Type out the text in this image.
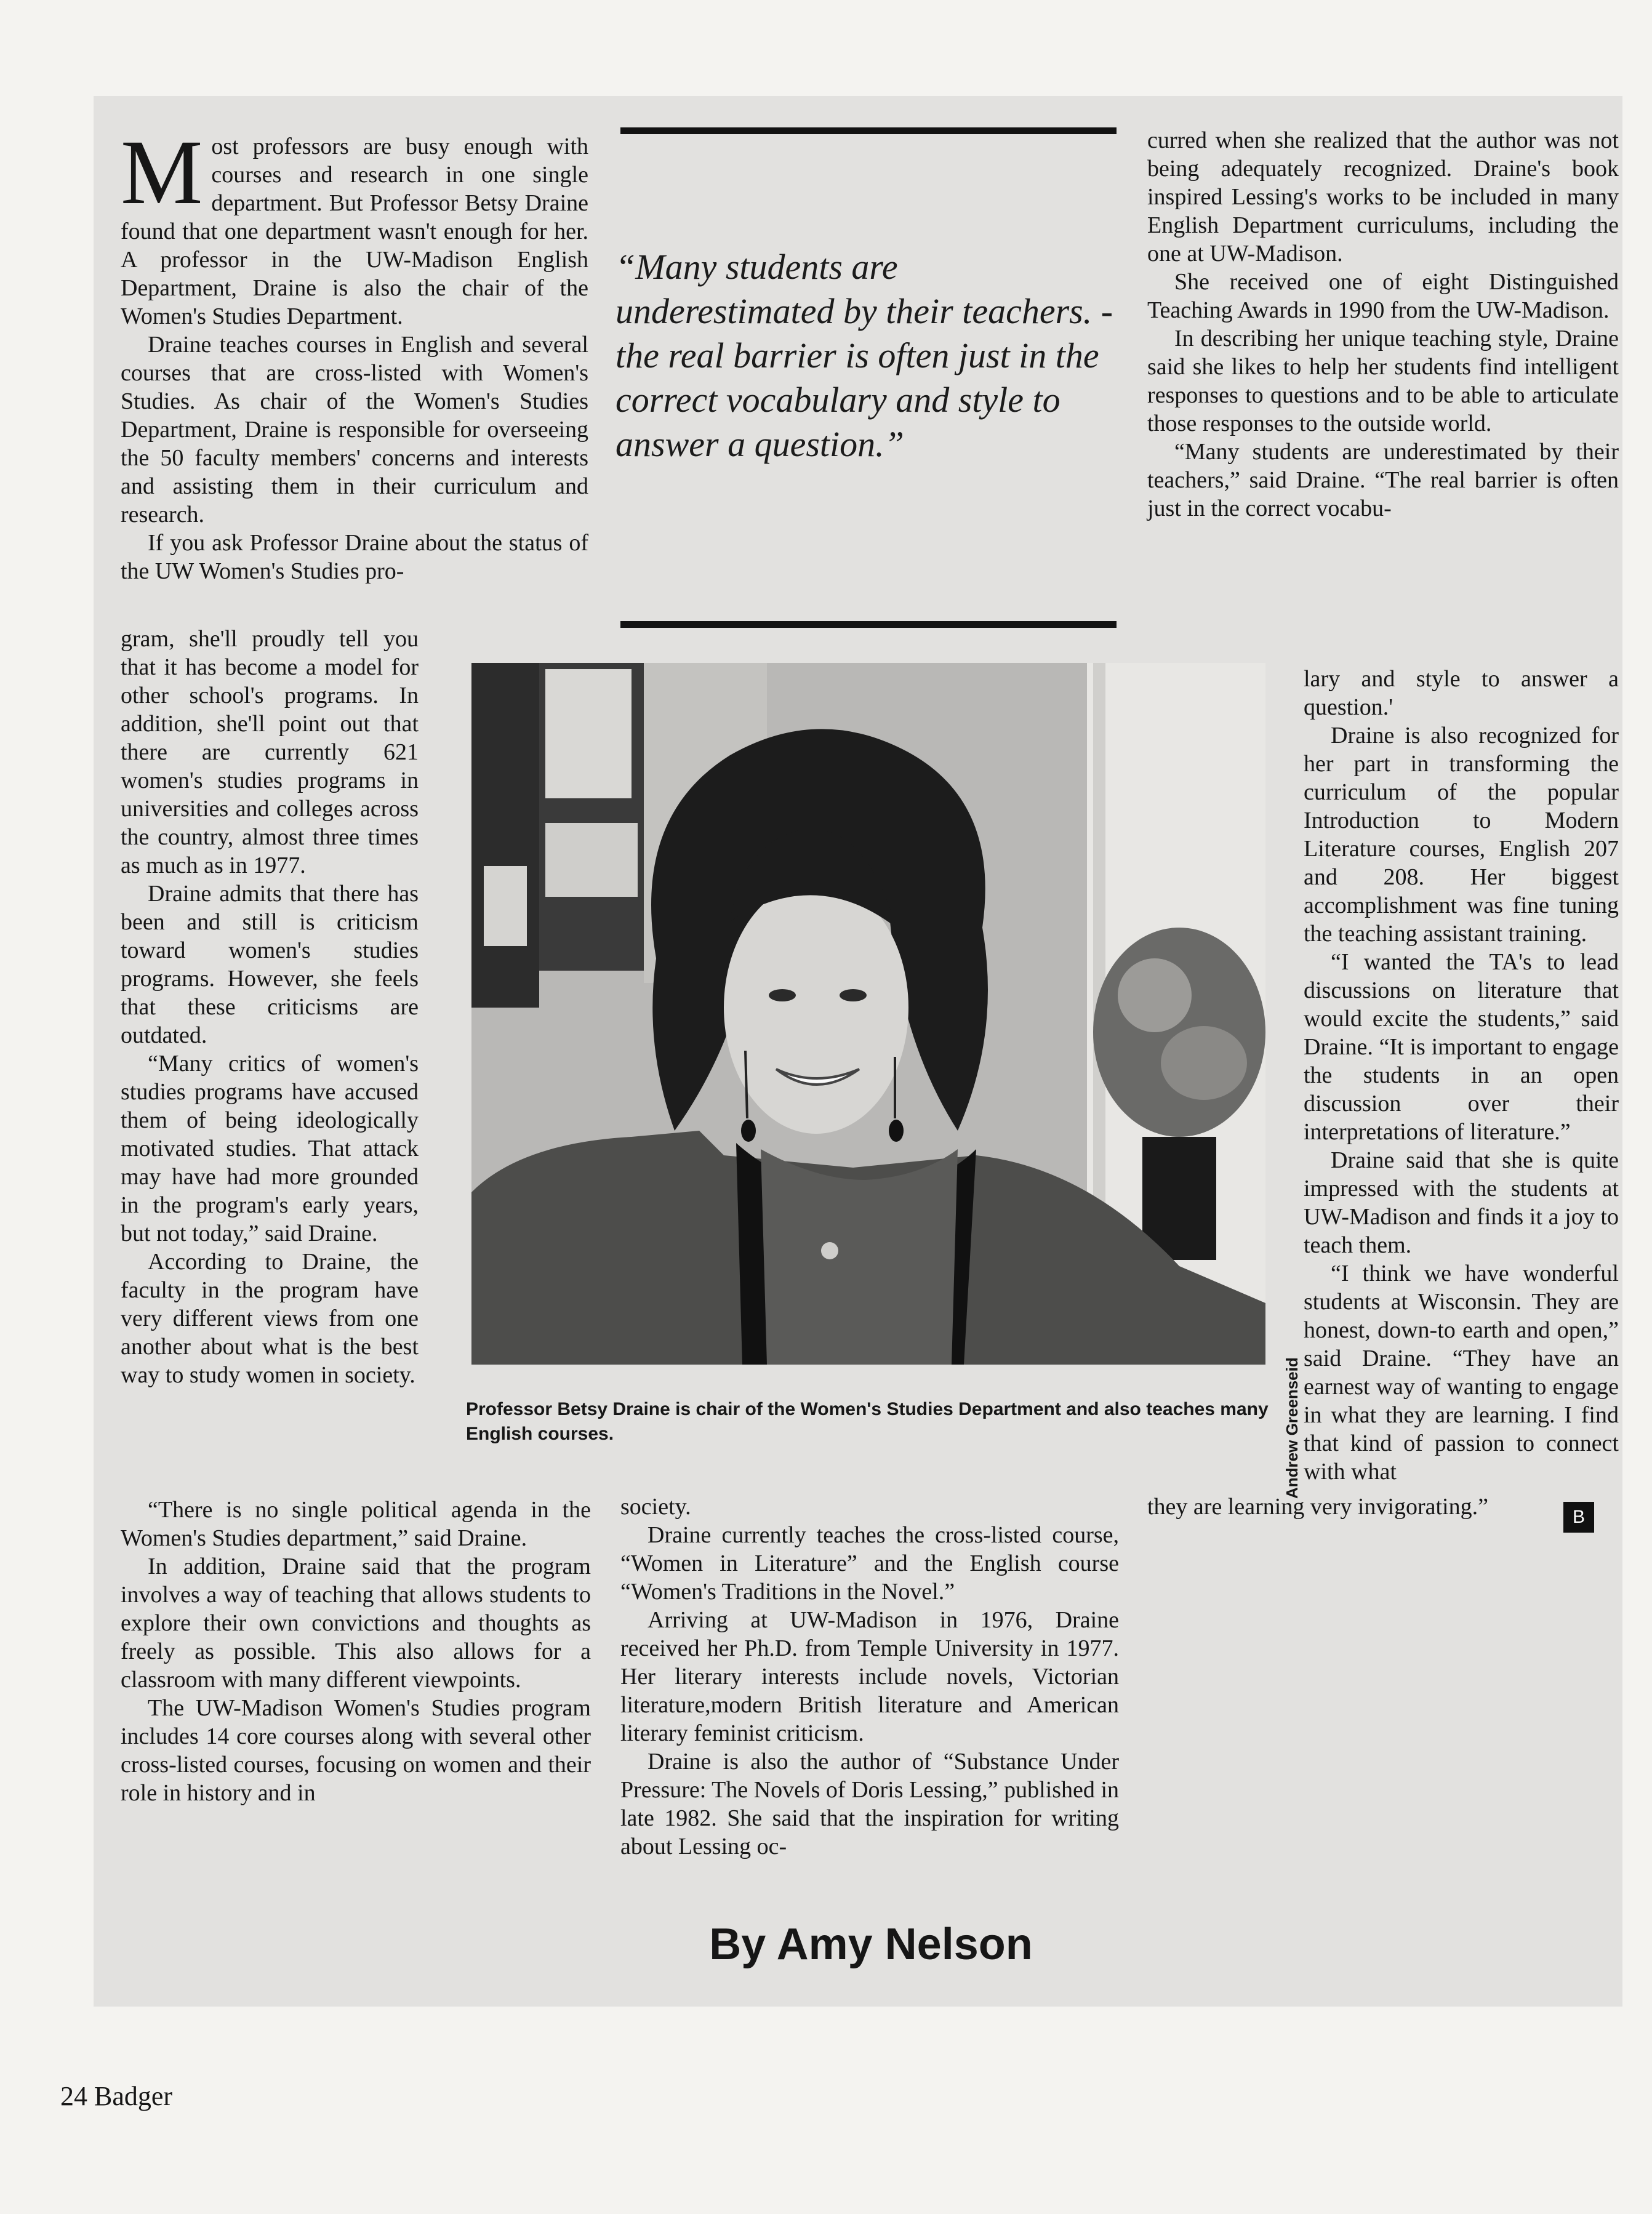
Most professors are busy enough with courses and research in one single department. But Professor Betsy Draine found that one department wasn't enough for her. A professor in the UW-Madison English Department, Draine is also the chair of the Women's Studies Department.

Draine teaches courses in English and several courses that are cross-listed with Women's Studies. As chair of the Women's Studies Department, Draine is responsible for overseeing the 50 faculty members' concerns and interests and assisting them in their curriculum and research.

If you ask Professor Draine about the status of the UW Women's Studies pro-

gram, she'll proudly tell you that it has become a model for other school's programs. In addition, she'll point out that there are currently 621 women's studies programs in universities and colleges across the country, almost three times as much as in 1977.

Draine admits that there has been and still is criticism toward women's studies programs. However, she feels that these criticisms are outdated.

“Many critics of women's studies programs have accused them of being ideologically motivated studies. That attack may have had more grounded in the program's early years, but not today,” said Draine.

According to Draine, the faculty in the program have very different views from one another about what is the best way to study women in society.

“There is no single political agenda in the Women's Studies department,” said Draine.

In addition, Draine said that the program involves a way of teaching that allows students to explore their own convictions and thoughts as freely as possible. This also allows for a classroom with many different viewpoints.

The UW-Madison Women's Studies program includes 14 core courses along with several other cross-listed courses, focusing on women and their role in history and in

“Many students are underestimated by their teachers. -the real barrier is often just in the correct vocabulary and style to answer a question.”
Andrew Greenseid
Professor Betsy Draine is chair of the Women's Studies Department and also teaches many English courses.

society.

Draine currently teaches the cross-listed course, “Women in Literature” and the English course “Women's Traditions in the Novel.”

Arriving at UW-Madison in 1976, Draine received her Ph.D. from Temple University in 1977. Her literary interests include novels, Victorian literature,modern British literature and American literary feminist criticism.

Draine is also the author of “Substance Under Pressure: The Novels of Doris Lessing,” published in late 1982. She said that the inspiration for writing about Lessing oc-

curred when she realized that the author was not being adequately recognized. Draine's book inspired Lessing's works to be included in many English Department curriculums, including the one at UW-Madison.

She received one of eight Distinguished Teaching Awards in 1990 from the UW-Madison.

In describing her unique teaching style, Draine said she likes to help her students find intelligent responses to questions and to be able to articulate those responses to the outside world.

“Many students are underestimated by their teachers,” said Draine. “The real barrier is often just in the correct vocabu-

lary and style to answer a question.'

Draine is also recognized for her part in transforming the curriculum of the popular Introduction to Modern Literature courses, English 207 and 208. Her biggest accomplishment was fine tuning the teaching assistant training.

“I wanted the TA's to lead discussions on literature that would excite the students,” said Draine. “It is important to engage the students in an open discussion over their interpretations of literature.”

Draine said that she is quite impressed with the students at UW-Madison and finds it a joy to teach them.

“I think we have wonderful students at Wisconsin. They are honest, down-to earth and open,” said Draine. “They have an earnest way of wanting to engage in what they are learning. I find that kind of passion to connect with what

they are learning very invigorating.”	B
By Amy Nelson
24 Badger
